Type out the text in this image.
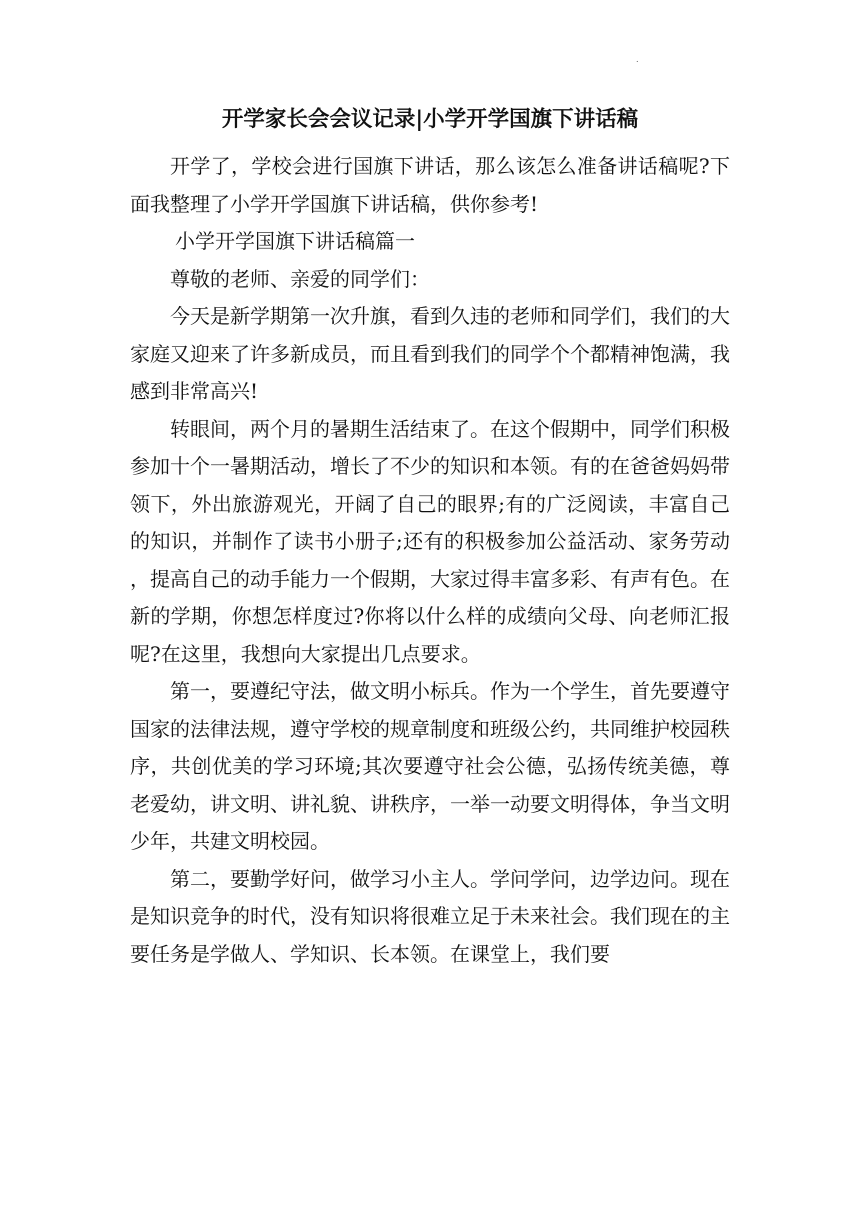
.
开学家长会会议记录|小学开学国旗下讲话稿

开学了，学校会进行国旗下讲话，那么该怎么准备讲话稿呢?下面我整理了小学开学国旗下讲话稿，供你参考!

小学开学国旗下讲话稿篇一

尊敬的老师、亲爱的同学们：

今天是新学期第一次升旗，看到久违的老师和同学们，我们的大家庭又迎来了许多新成员，而且看到我们的同学个个都精神饱满，我感到非常高兴!

转眼间，两个月的暑期生活结束了。在这个假期中，同学们积极参加十个一暑期活动，增长了不少的知识和本领。有的在爸爸妈妈带领下，外出旅游观光，开阔了自己的眼界;有的广泛阅读，丰富自己的知识，并制作了读书小册子;还有的积极参加公益活动、家务劳动，提高自己的动手能力一个假期，大家过得丰富多彩、有声有色。在新的学期，你想怎样度过?你将以什么样的成绩向父母、向老师汇报呢?在这里，我想向大家提出几点要求。

第一，要遵纪守法，做文明小标兵。作为一个学生，首先要遵守国家的法律法规，遵守学校的规章制度和班级公约，共同维护校园秩序，共创优美的学习环境;其次要遵守社会公德，弘扬传统美德，尊老爱幼，讲文明、讲礼貌、讲秩序，一举一动要文明得体，争当文明少年，共建文明校园。

第二，要勤学好问，做学习小主人。学问学问，边学边问。现在是知识竞争的时代，没有知识将很难立足于未来社会。我们现在的主要任务是学做人、学知识、长本领。在课堂上，我们要
